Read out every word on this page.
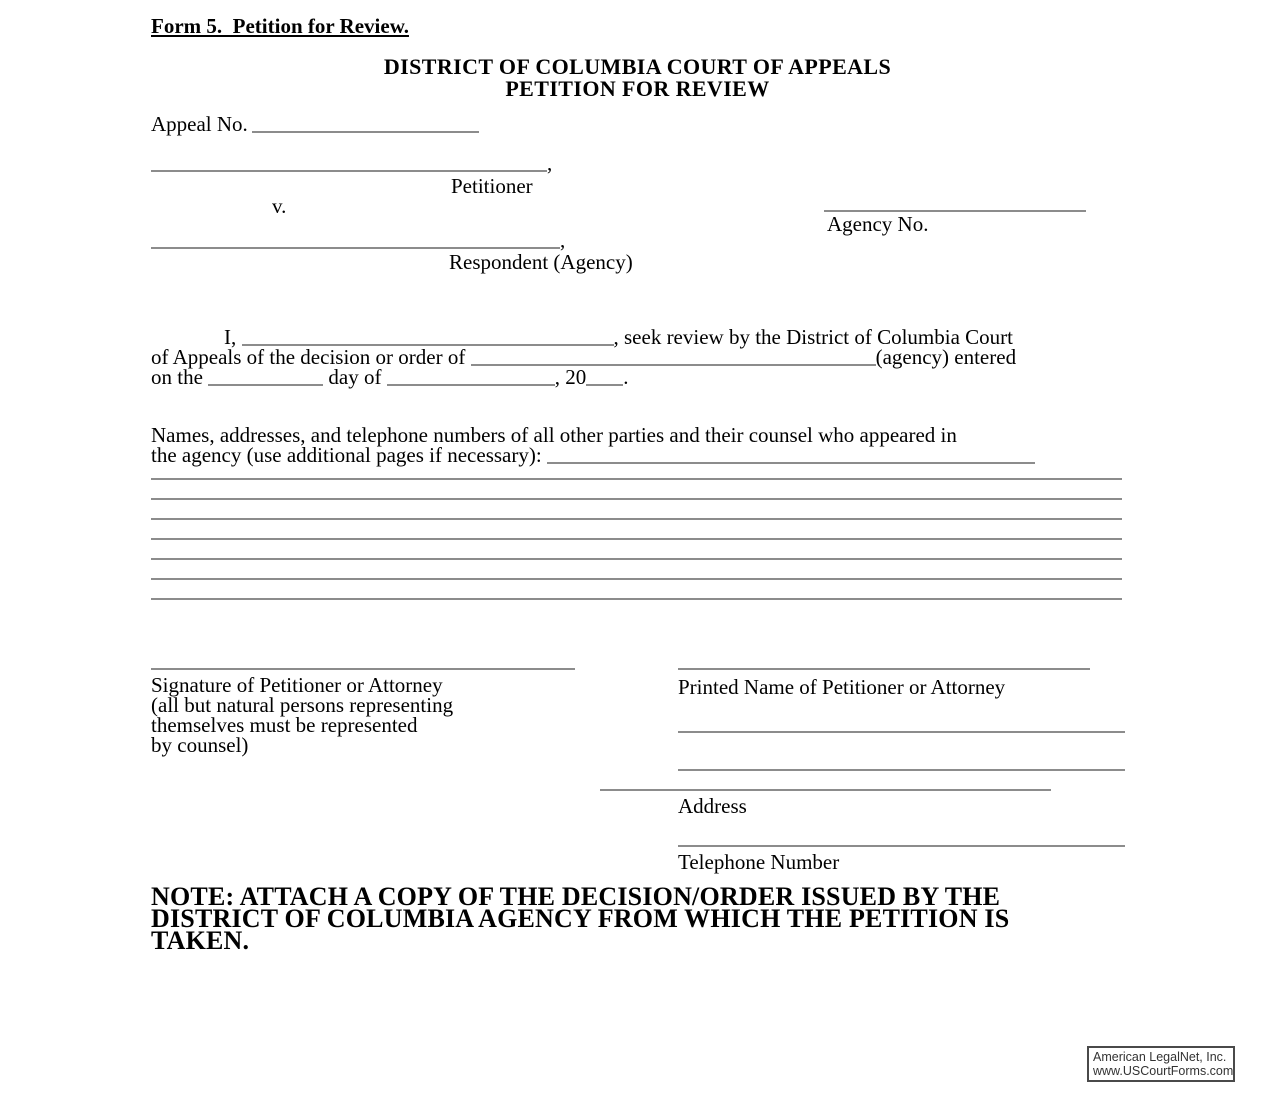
Form 5.  Petition for Review.
DISTRICT OF COLUMBIA COURT OF APPEALS
PETITION FOR REVIEW
Appeal No.
,
Petitioner
v.
Agency No.
,
Respondent (Agency)
I,	, seek review by the District of Columbia Court
of Appeals of the decision or order of	(agency) entered
on the	day of	, 20 .
Names, addresses, and telephone numbers of all other parties and their counsel who appeared in
the agency (use additional pages if necessary):
Signature of Petitioner or Attorney
(all but natural persons representing
themselves must be represented
by counsel)
Printed Name of Petitioner or Attorney
Address
Telephone Number
NOTE: ATTACH A COPY OF THE DECISION/ORDER ISSUED BY THE
DISTRICT OF COLUMBIA AGENCY FROM WHICH THE PETITION IS
TAKEN.
American LegalNet, Inc.
www.USCourtForms.com
